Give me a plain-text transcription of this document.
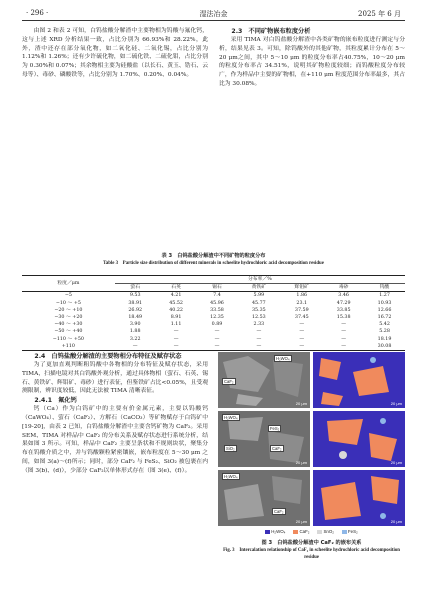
· 296 ·	湿法冶金	2025 年 6 月

由图 2 和表 2 可知，白钨盐酸分解渣中主要物相为钨酸与氟化钙，这与上述 XRD 分析结果一致，占比分别为 66.93%和 28.22%，此外，渣中还存在部分氧化物，如二氧化硅、二氧化锡，占比分别为 1.12%和 1.26%；还有少许硫化物，如二硫化铁、二硫化钼，占比分别为 0.30%和 0.07%；其余物相主要为硅酸盐（以长石、黄玉、锆石、云母等）、毒砂、磷酸铁等，占比分别为 1.70%、0.20%、0.04%。

2.3　不同矿物嵌布粒度分析

采用 TIMA 对白钨盐酸分解渣中各类矿物的嵌布粒度进行测定与分析，结果见表 3。可知，除钨酸外的其他矿物，其粒度累计分布在 5～20 μm之间，其中 5～10 μm 的粒度分布率占40.75%，10～20 μm 的粒度分布率占 34.51%，说明其矿物粒度较细；而钨酸粒度分布较广，作为样品中主要的矿物相，在+110 μm 粒度范围分布率最多，其占比为 30.08%。

表 3　白钨盐酸分解渣中不同矿物的粒度分布
Table 3　Particle size distribution of different minerals in scheelite hydrochloric acid decomposition residue
粒度／μm	分布率／%						
	萤石	石英	锡石	黄铁矿	辉钼矿	毒砂	钨酸
−5	9.53	4.21	7.4	5.99	1.86	3.46	1.27
−10 ～ +5	38.91	45.52	45.96	45.77	23.1	47.29	10.93
−20 ～ +10	26.92	40.22	33.58	35.35	37.59	33.85	12.66
−30 ～ +20	18.49	8.91	12.35	12.53	37.45	15.38	16.72
−40 ～ +30	3.90	1.11	0.89	2.33	—	—	5.42
−50 ～ +40	1.88	—	—	—	—	—	5.28
−110 ～ +50	3.22	—	—	—	—	—	18.19
+110	—	—	—	—	—	—	30.08

2.4　白钨盐酸分解渣的主要物相分布特征及赋存状态

为了更加直观判断粗钨酸中各物相的分布特征及赋存状态，采用 TIMA，扫描电镜对其白钨酸外观分析，通过具体物相（萤石、石英、锡石、黄铁矿、辉钼矿、毒砂）进行表征，但鉴铁矿占比<0.05%，且受观测限制，辨识度较低，因此无法被 TIMA 清晰表征。

2.4.1　氟化钙

钙（Ca）作为白钨矿中的主要有价金属元素，主要以钨酸钙（CaWO₄）、萤石（CaF₂）、方解石（CaCO₃）等矿物赋存于白钨矿中[19-20]，由表 2 已知，白钨盐酸分解渣中主要含钙矿物为 CaF₂。采用 SEM、TIMA 对样品中 CaF₂ 的分布关系及赋存状态进行系统分析，结果如图 3 所示。可知，样品中 CaF₂ 主要呈条状和不规则块状，聚集分布在钨酸介质之中，并与钨酸颗粒紧密镶嵌，嵌布粒度在 5～30 μm 之间，如图 3(a)～(f)所示；同时，部分 CaF₂ 与 FeS₂、SiO₂ 被包裹在内（图 3(b)、(d)），少部分 CaF₂以单体形式存在（图 3(e)、(f)）。

H₂WO₄
CaF₂
20 μm	20 μm
H₂WO₄
FeS₂
SiO₂	CaF₂
20 μm	20 μm
H₂WO₄
CaF₂
20 μm	20 μm
H₂WO₄	CaF₂	SnO₂	FeS₂
图 3　白钨盐酸分解渣中 CaF₂ 的嵌布关系
Fig. 3　Intercalation relationship of CaF₂ in scheelite hydrochloric acid decomposition residue
